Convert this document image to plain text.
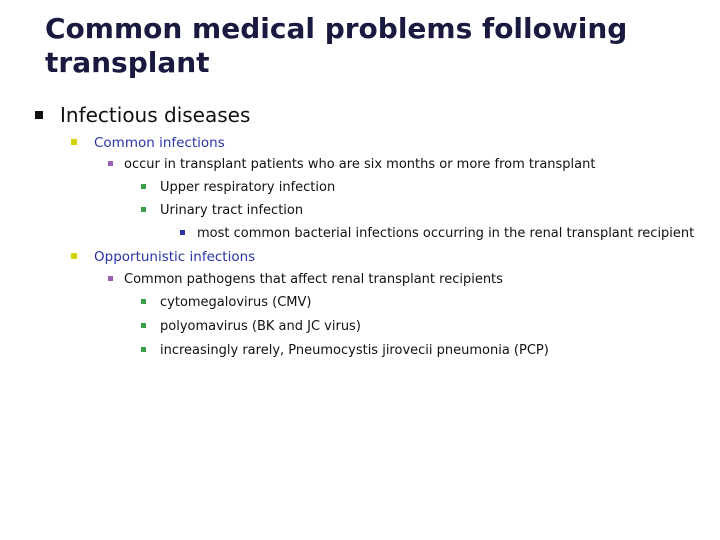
Common medical problems following
transplant
Infectious diseases
Common infections
occur in transplant patients who are six months or more from transplant
Upper respiratory infection
Urinary tract infection
most common bacterial infections occurring in the renal transplant recipient
Opportunistic infections
Common pathogens that affect renal transplant recipients
cytomegalovirus (CMV)
polyomavirus (BK and JC virus)
increasingly rarely, Pneumocystis jirovecii pneumonia (PCP)
